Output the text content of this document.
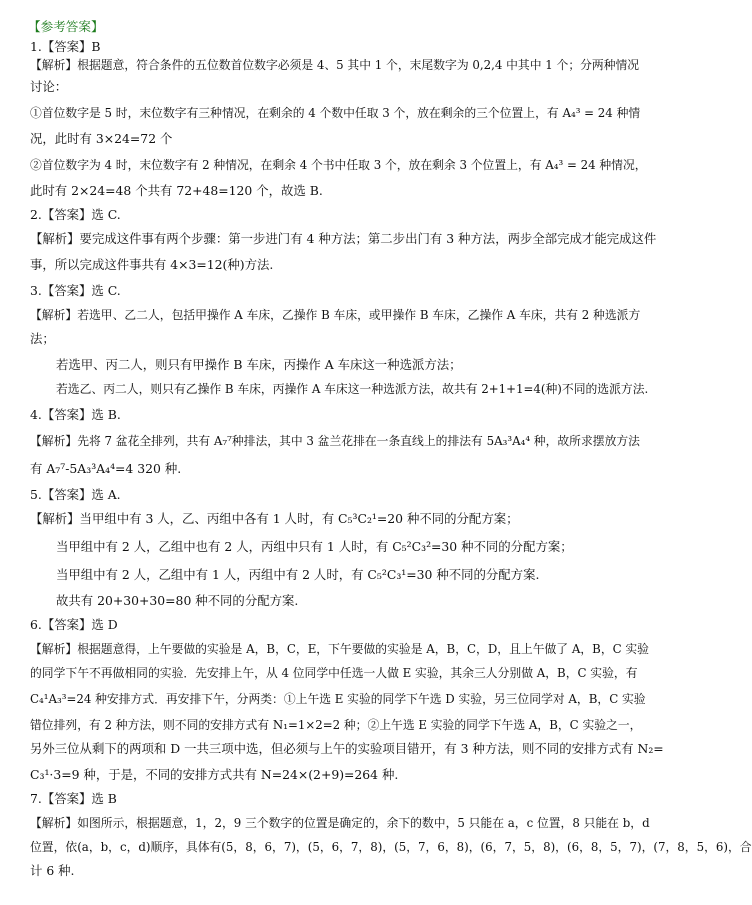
【参考答案】
1.【答案】B
【解析】根据题意，符合条件的五位数首位数字必须是 4、5 其中 1 个，末尾数字为 0,2,4 中其中 1 个；分两种情况
讨论：
①首位数字是 5 时，末位数字有三种情况，在剩余的 4 个数中任取 3 个，放在剩余的三个位置上，有 A₄³ = 24 种情
况，此时有 3×24=72 个
②首位数字为 4 时，末位数字有 2 种情况，在剩余 4 个书中任取 3 个，放在剩余 3 个位置上，有 A₄³ = 24 种情况，
此时有 2×24=48 个共有 72+48=120 个，故选 B.
2.【答案】选 C.
【解析】要完成这件事有两个步骤：第一步进门有 4 种方法；第二步出门有 3 种方法，两步全部完成才能完成这件
事，所以完成这件事共有 4×3=12(种)方法.
3.【答案】选 C.
【解析】若选甲、乙二人，包括甲操作 A 车床，乙操作 B 车床，或甲操作 B 车床，乙操作 A 车床，共有 2 种选派方
法；
若选甲、丙二人，则只有甲操作 B 车床，丙操作 A 车床这一种选派方法；
若选乙、丙二人，则只有乙操作 B 车床，丙操作 A 车床这一种选派方法，故共有 2+1+1=4(种)不同的选派方法.
4.【答案】选 B.
【解析】先将 7 盆花全排列，共有 A₇⁷种排法，其中 3 盆兰花排在一条直线上的排法有 5A₃³A₄⁴ 种，故所求摆放方法
有 A₇⁷-5A₃³A₄⁴=4 320 种.
5.【答案】选 A.
【解析】当甲组中有 3 人，乙、丙组中各有 1 人时，有 C₅³C₂¹=20 种不同的分配方案；
当甲组中有 2 人，乙组中也有 2 人，丙组中只有 1 人时，有 C₅²C₃²=30 种不同的分配方案；
当甲组中有 2 人，乙组中有 1 人，丙组中有 2 人时，有 C₅²C₃¹=30 种不同的分配方案.
故共有 20+30+30=80 种不同的分配方案.
6.【答案】选 D
【解析】根据题意得，上午要做的实验是 A，B，C，E，下午要做的实验是 A，B，C，D，且上午做了 A，B，C 实验
的同学下午不再做相同的实验．先安排上午，从 4 位同学中任选一人做 E 实验，其余三人分别做 A，B，C 实验，有
C₄¹A₃³=24 种安排方式．再安排下午，分两类：①上午选 E 实验的同学下午选 D 实验，另三位同学对 A，B，C 实验
错位排列，有 2 种方法，则不同的安排方式有 N₁=1×2=2 种；②上午选 E 实验的同学下午选 A，B，C 实验之一，
另外三位从剩下的两项和 D 一共三项中选，但必须与上午的实验项目错开，有 3 种方法，则不同的安排方式有 N₂=
C₃¹·3=9 种，于是，不同的安排方式共有 N=24×(2+9)=264 种.
7.【答案】选 B
【解析】如图所示，根据题意，1，2，9 三个数字的位置是确定的，余下的数中，5 只能在 a，c 位置，8 只能在 b，d
位置，依(a，b，c，d)顺序，具体有(5，8，6，7)，(5，6，7，8)，(5，7，6，8)，(6，7，5，8)，(6，8，5，7)，(7，8，5，6)，合
计 6 种.
